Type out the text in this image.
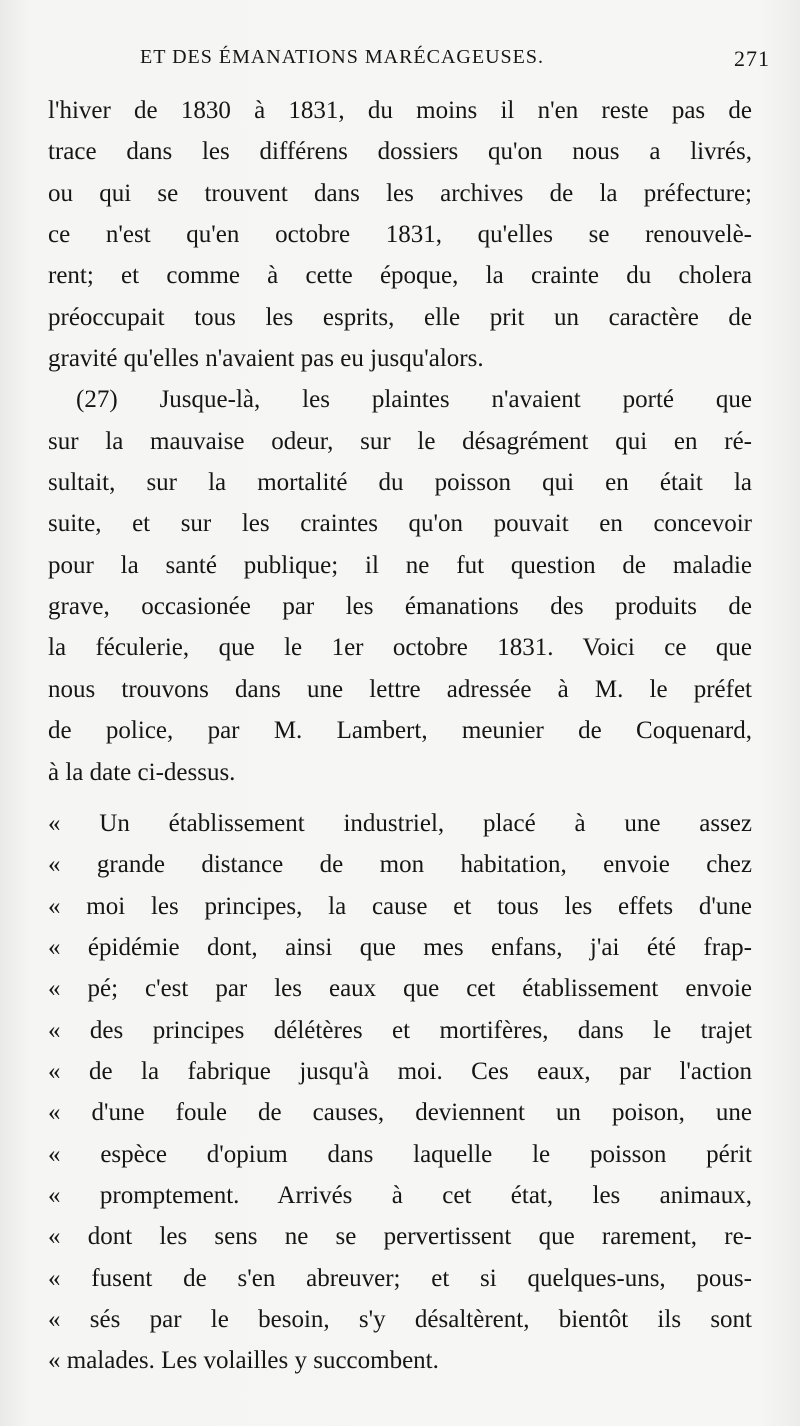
ET DES ÉMANATIONS MARÉCAGEUSES.	271
l'hiver de 1830 à 1831, du moins il n'en reste pas de
trace dans les différens dossiers qu'on nous a livrés,
ou qui se trouvent dans les archives de la préfecture;
ce n'est qu'en octobre 1831, qu'elles se renouvelè-
rent; et comme à cette époque, la crainte du cholera
préoccupait tous les esprits, elle prit un caractère de
gravité qu'elles n'avaient pas eu jusqu'alors.
(27) Jusque-là, les plaintes n'avaient porté que
sur la mauvaise odeur, sur le désagrément qui en ré-
sultait, sur la mortalité du poisson qui en était la
suite, et sur les craintes qu'on pouvait en concevoir
pour la santé publique; il ne fut question de maladie
grave, occasionée par les émanations des produits de
la féculerie, que le 1er octobre 1831. Voici ce que
nous trouvons dans une lettre adressée à M. le préfet
de police, par M. Lambert, meunier de Coquenard,
à la date ci-dessus.
« Un établissement industriel, placé à une assez
« grande distance de mon habitation, envoie chez
« moi les principes, la cause et tous les effets d'une
« épidémie dont, ainsi que mes enfans, j'ai été frap-
« pé; c'est par les eaux que cet établissement envoie
« des principes délétères et mortifères, dans le trajet
« de la fabrique jusqu'à moi. Ces eaux, par l'action
« d'une foule de causes, deviennent un poison, une
« espèce d'opium dans laquelle le poisson périt
« promptement. Arrivés à cet état, les animaux,
« dont les sens ne se pervertissent que rarement, re-
« fusent de s'en abreuver; et si quelques-uns, pous-
« sés par le besoin, s'y désaltèrent, bientôt ils sont
« malades. Les volailles y succombent.
